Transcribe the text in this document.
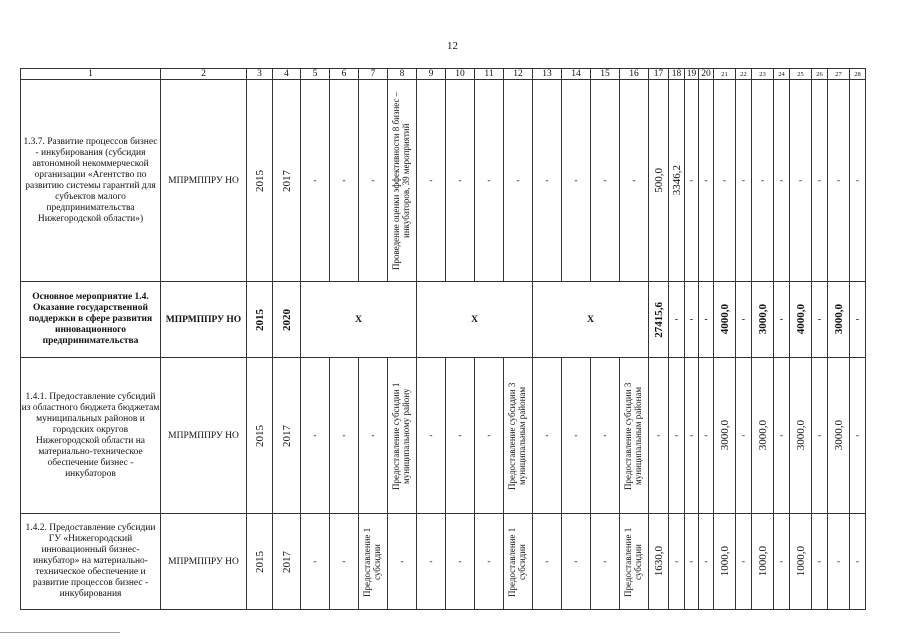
12
1	2	3	4	5	6	7	8	9	10	11	12	13	14	15	16	17	18	19	20	21	22	23	24	25	26	27	28
1.3.7. Развитие процессов бизнес - инкубирования (субсидия автономной некоммерческой организации «Агентство по развитию системы гарантий для субъектов малого предпринимательства Нижегородской области»)	МПРМППРУ НО	2015	2017	-	-	-	Проведение оценки эффективности 8 бизнес – инкубаторов, 39 мероприятий	-	-	-	-	-	-	-	-	500,0	3346,2	-	-	-	-	-	-	-	-	-	-
Основное мероприятие 1.4. Оказание государственной поддержки в сфере развития инновационного предпринимательства	МПРМППРУ НО	2015	2020	X				X				X				27415,6	-	-	-	4000,0	-	3000,0	-	4000,0	-	3000,0	-
1.4.1. Предоставление субсидий из областного бюджета бюджетам муниципальных районов и городских округов Нижегородской области на материально-техническое обеспечение бизнес - инкубаторов	МПРМППРУ НО	2015	2017	-	-	-	Предоставление субсидии 1 муниципальному району	-	-	-	Предоставление субсидии 3 муниципальным районам	-	-	-	Предоставление субсидии 3 муниципальным районам	-	-	-	-	3000,0	-	3000,0	-	3000,0	-	3000,0	-
1.4.2. Предоставление субсидии ГУ «Нижегородский инновационный бизнес-инкубатор» на материально-техническое обеспечение и развитие процессов бизнес - инкубирования	МПРМППРУ НО	2015	2017	-	-	Предоставление 1 субсидии	-	-	-	-	Предоставление 1 субсидии	-	-	-	Предоставление 1 субсидии	1630,0	-	-	-	1000,0	-	1000,0	-	1000,0	-	-	-
